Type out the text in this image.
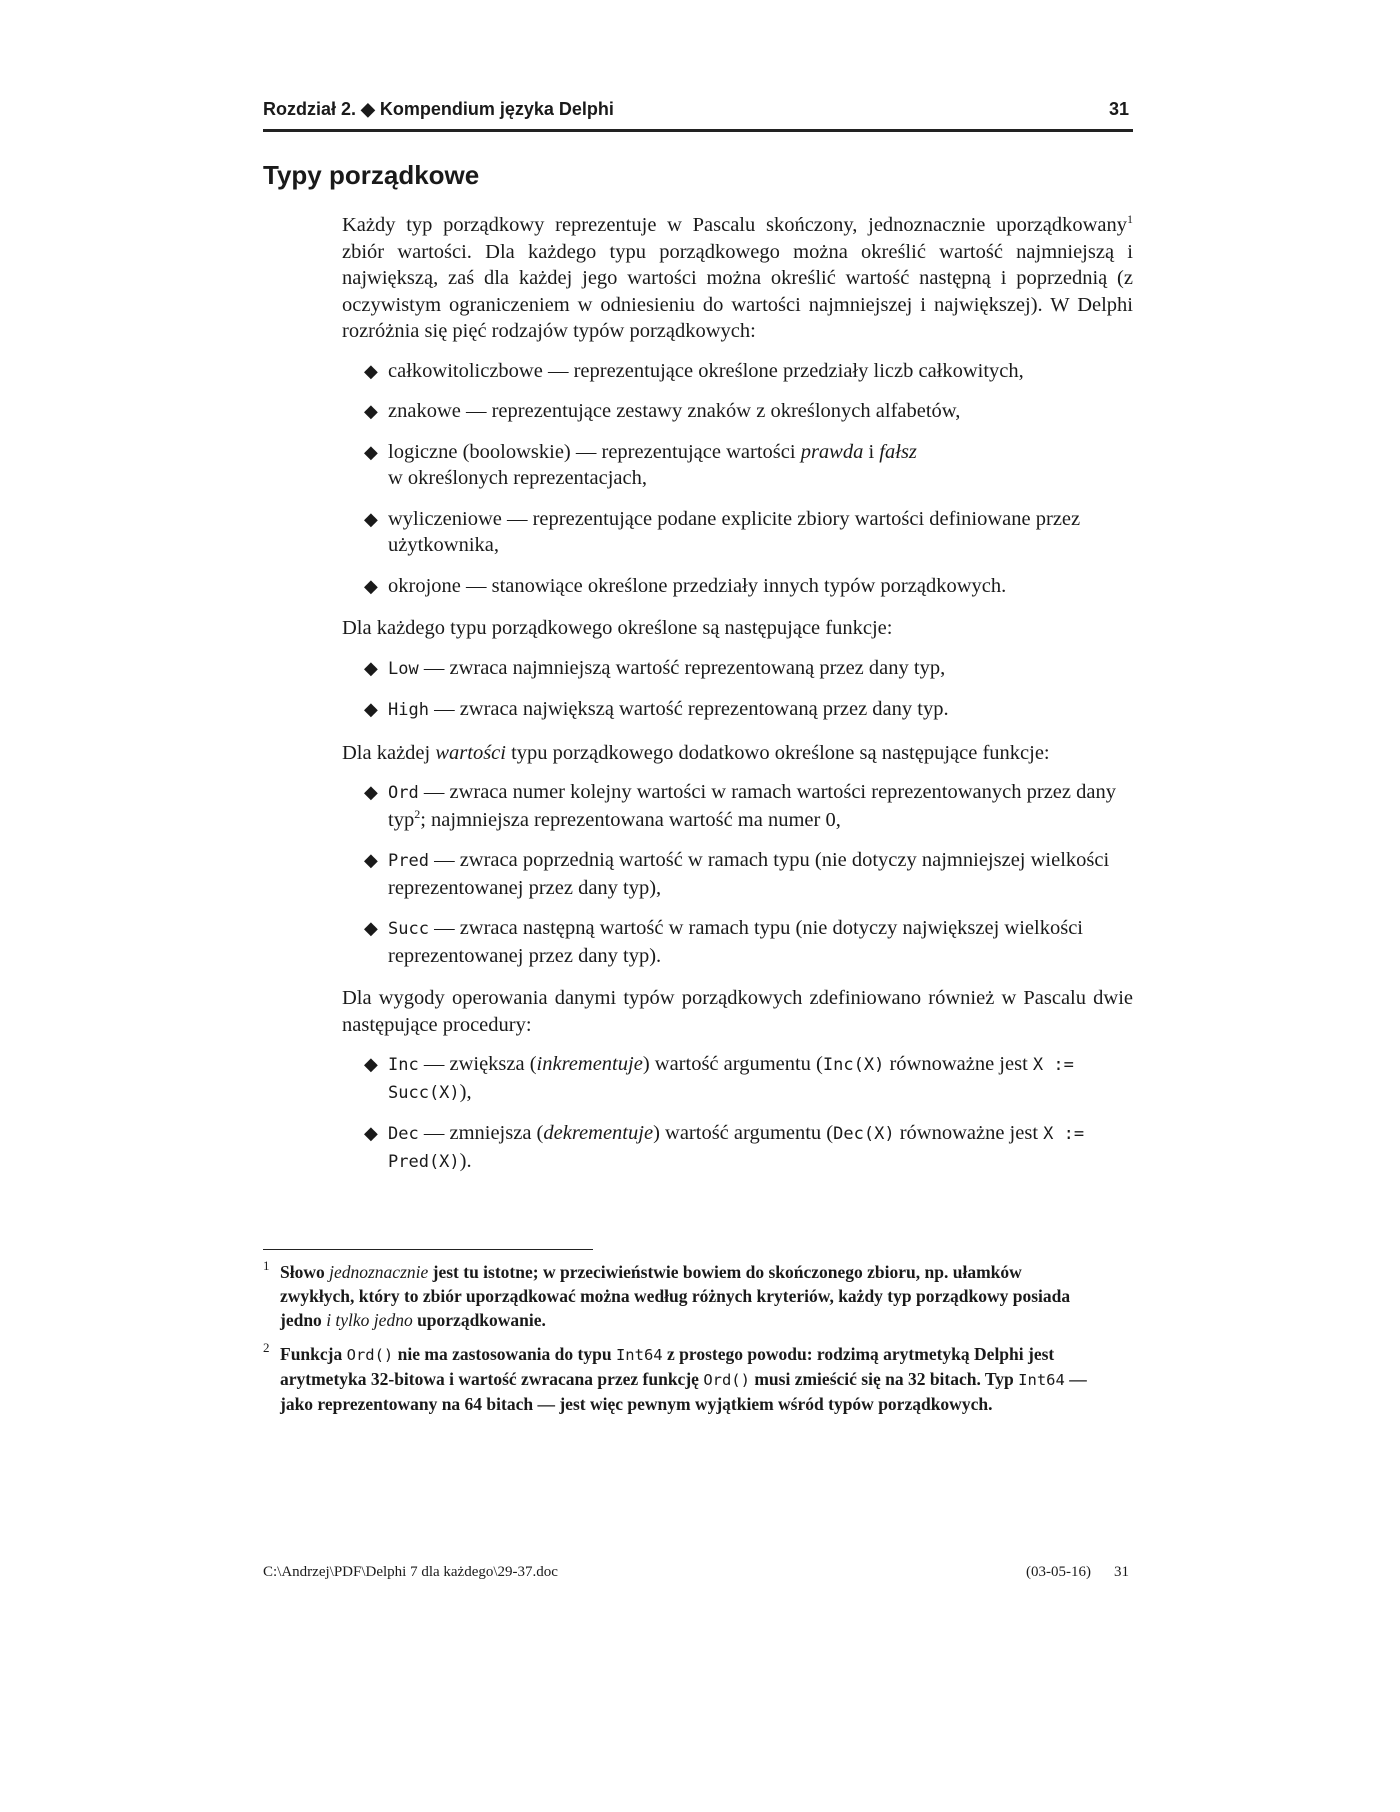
Rozdział 2. ◆ Kompendium języka Delphi	31
Typy porządkowe

Każdy typ porządkowy reprezentuje w Pascalu skończony, jednoznacznie uporządkowany$^1$ zbiór wartości. Dla każdego typu porządkowego można określić wartość najmniejszą i największą, zaś dla każdej jego wartości można określić wartość następną i poprzednią (z oczywistym ograniczeniem w odniesieniu do wartości najmniejszej i największej). W Delphi rozróżnia się pięć rodzajów typów porządkowych:

◆ całkowitoliczbowe — reprezentujące określone przedziały liczb całkowitych,
◆ znakowe — reprezentujące zestawy znaków z określonych alfabetów,
◆ logiczne (boolowskie) — reprezentujące wartości prawda i fałsz
w określonych reprezentacjach,
◆ wyliczeniowe — reprezentujące podane explicite zbiory wartości definiowane przez użytkownika,
◆ okrojone — stanowiące określone przedziały innych typów porządkowych.

Dla każdego typu porządkowego określone są następujące funkcje:

◆ Low — zwraca najmniejszą wartość reprezentowaną przez dany typ,
◆ High — zwraca największą wartość reprezentowaną przez dany typ.

Dla każdej wartości typu porządkowego dodatkowo określone są następujące funkcje:

◆ Ord — zwraca numer kolejny wartości w ramach wartości reprezentowanych przez dany typ$^2$; najmniejsza reprezentowana wartość ma numer 0,
◆ Pred — zwraca poprzednią wartość w ramach typu (nie dotyczy najmniejszej wielkości reprezentowanej przez dany typ),
◆ Succ — zwraca następną wartość w ramach typu (nie dotyczy największej wielkości reprezentowanej przez dany typ).

Dla wygody operowania danymi typów porządkowych zdefiniowano również w Pascalu dwie następujące procedury:

◆ Inc — zwiększa (inkrementuje) wartość argumentu (Inc(X) równoważne jest X := Succ(X)),
◆ Dec — zmniejsza (dekrementuje) wartość argumentu (Dec(X) równoważne jest X := Pred(X)).
1 Słowo jednoznacznie jest tu istotne; w przeciwieństwie bowiem do skończonego zbioru, np. ułamków zwykłych, który to zbiór uporządkować można według różnych kryteriów, każdy typ porządkowy posiada jedno i tylko jedno uporządkowanie.
2 Funkcja Ord() nie ma zastosowania do typu Int64 z prostego powodu: rodzimą arytmetyką Delphi jest arytmetyka 32-bitowa i wartość zwracana przez funkcję Ord() musi zmieścić się na 32 bitach. Typ Int64 — jako reprezentowany na 64 bitach — jest więc pewnym wyjątkiem wśród typów porządkowych.
C:\Andrzej\PDF\Delphi 7 dla każdego\29-37.doc	(03-05-16) 31
